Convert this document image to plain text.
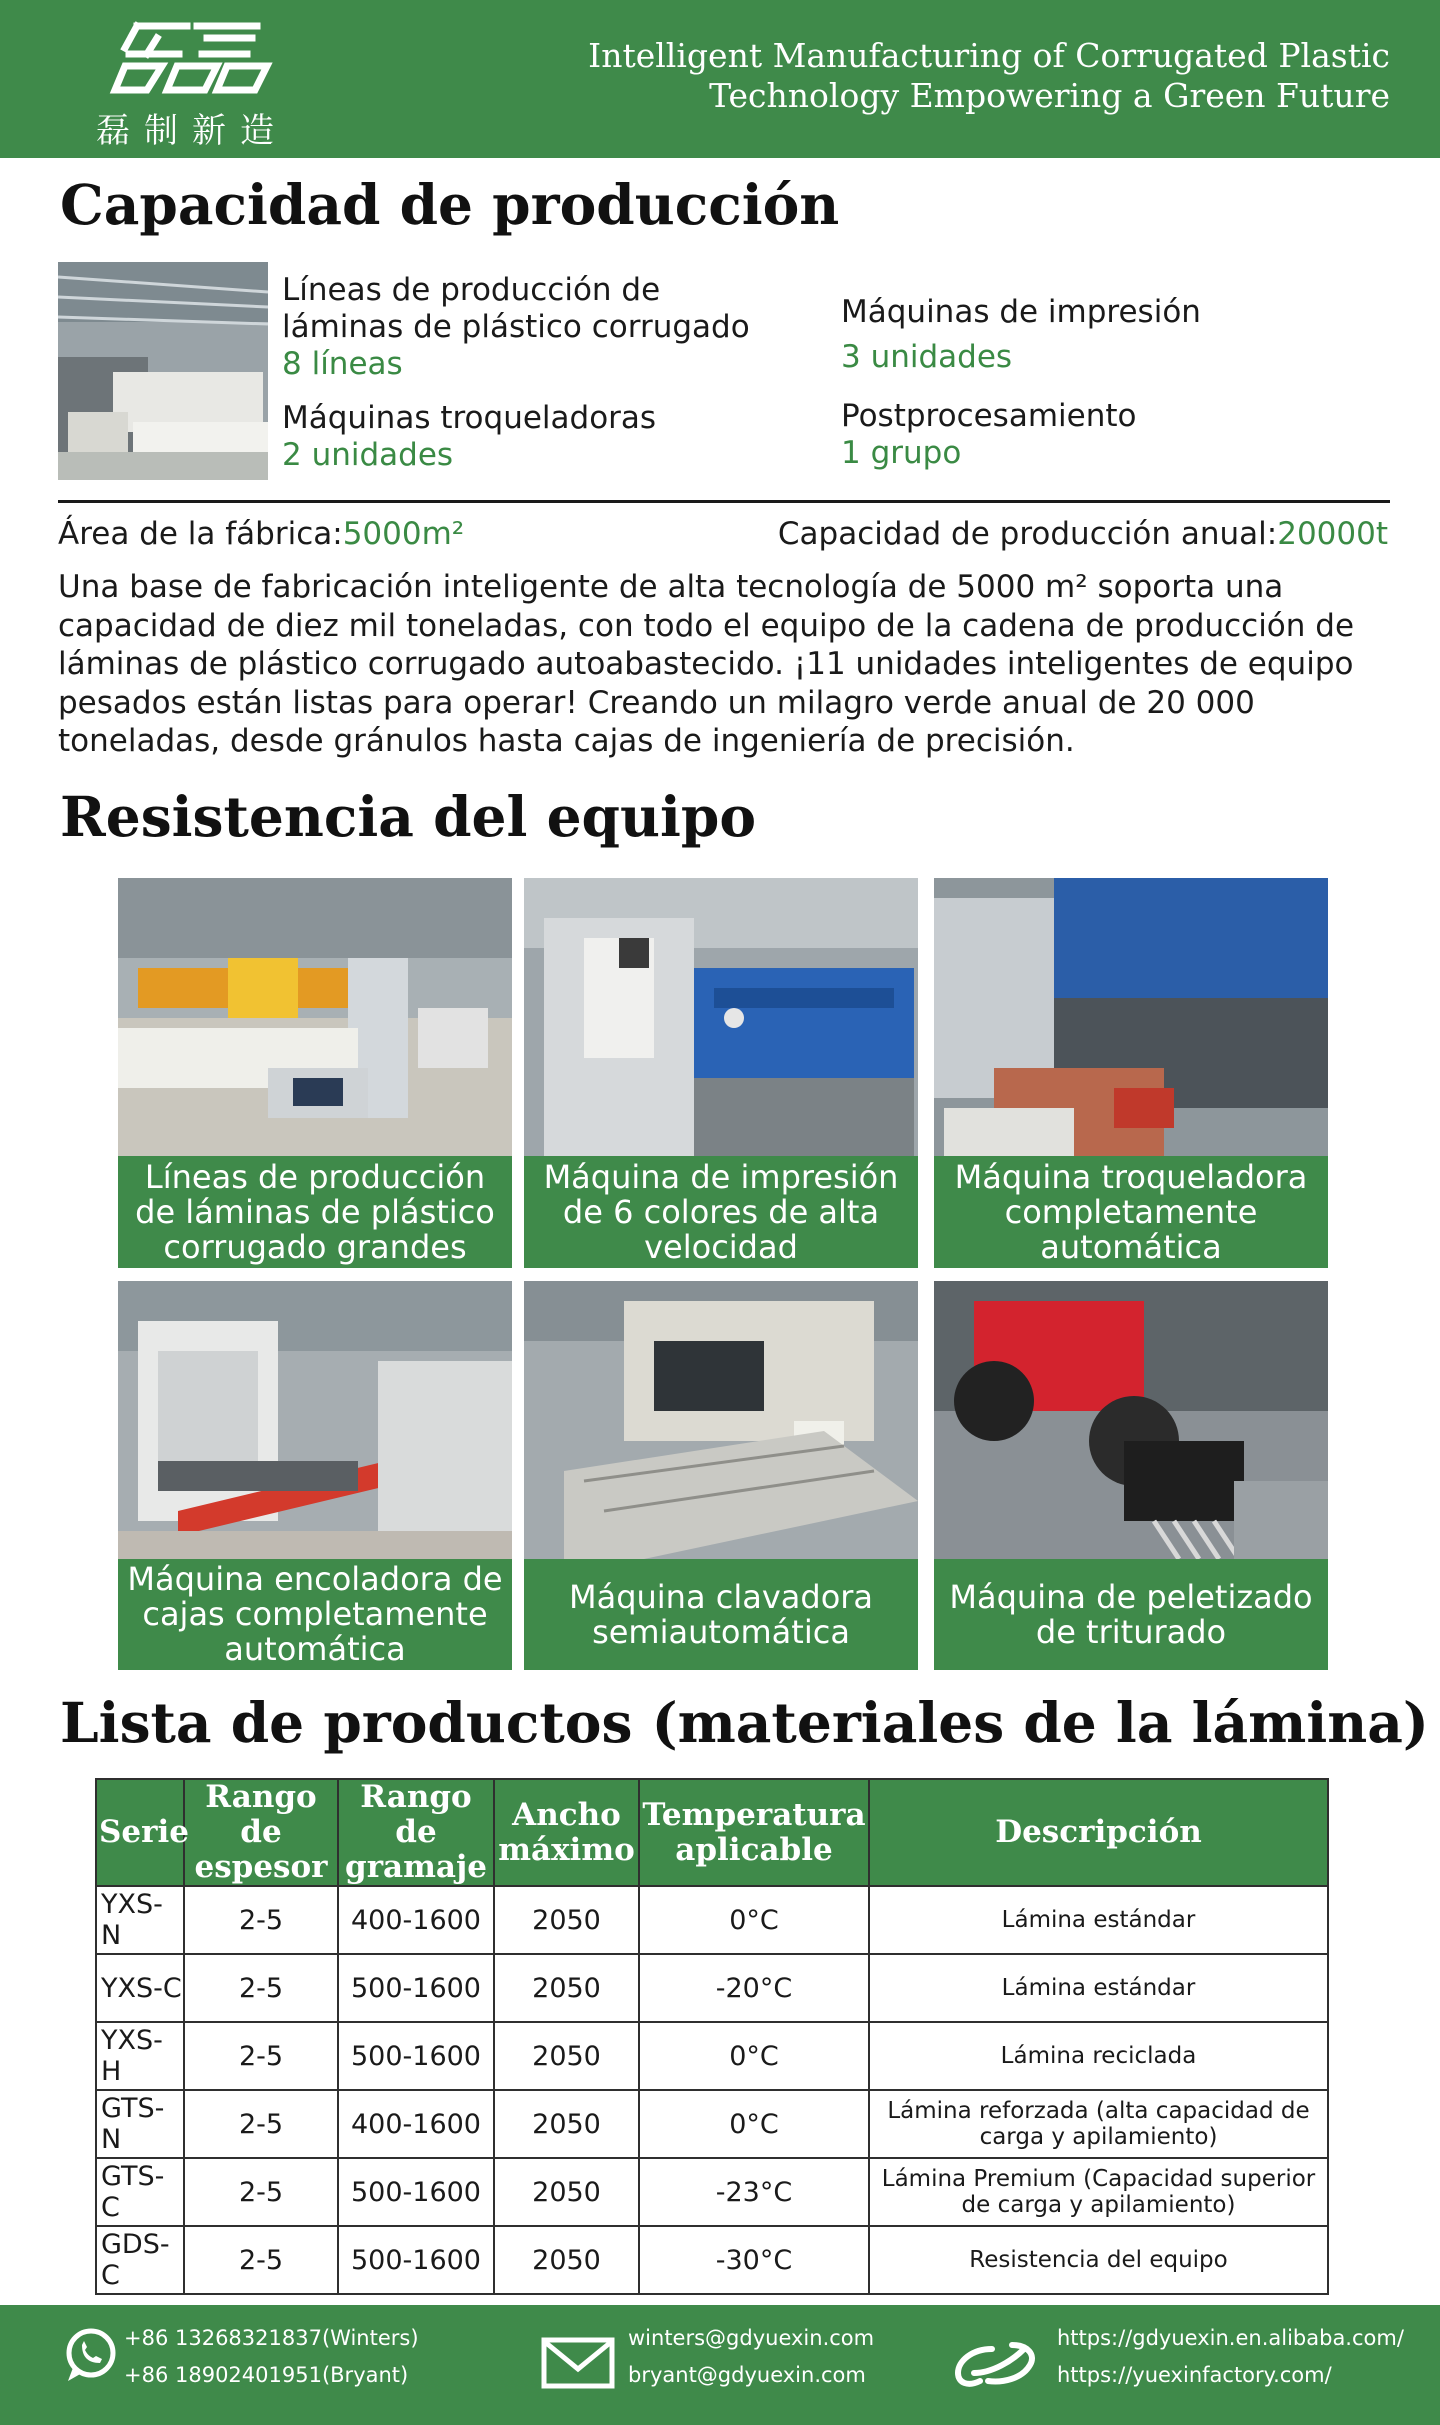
磊制新造
Intelligent Manufacturing of Corrugated Plastic
Technology Empowering a Green Future
Capacidad de producción
Líneas de producción de láminas de plástico corrugado
8 líneas
Máquinas troqueladoras
2 unidades
Máquinas de impresión
3 unidades
Postprocesamiento
1 grupo
Área de la fábrica:5000m²	Capacidad de producción anual:20000t
Una base de fabricación inteligente de alta tecnología de 5000 m² soporta una capacidad de diez mil toneladas, con todo el equipo de la cadena de producción de láminas de plástico corrugado autoabastecido. ¡11 unidades inteligentes de equipo pesados están listas para operar! Creando un milagro verde anual de 20 000 toneladas, desde gránulos hasta cajas de ingeniería de precisión.
Resistencia del equipo
Líneas de producción de láminas de plástico corrugado grandes
Máquina de impresión de 6 colores de alta velocidad
Máquina troqueladora completamente automática
Máquina encoladora de cajas completamente automática
Máquina clavadora semiautomática
Máquina de peletizado de triturado
Lista de productos (materiales de la lámina)
Serie	Rango de espesor	Rango de gramaje	Ancho máximo	Temperatura aplicable	Descripción
YXS-N	2-5	400-1600	2050	0°C	Lámina estándar
YXS-C	2-5	500-1600	2050	-20°C	Lámina estándar
YXS-H	2-5	500-1600	2050	0°C	Lámina reciclada
GTS-N	2-5	400-1600	2050	0°C	Lámina reforzada (alta capacidad de carga y apilamiento)
GTS-C	2-5	500-1600	2050	-23°C	Lámina Premium (Capacidad superior de carga y apilamiento)
GDS-C	2-5	500-1600	2050	-30°C	Resistencia del equipo
+86 13268321837(Winters)
+86 18902401951(Bryant)
winters@gdyuexin.com
bryant@gdyuexin.com
https://gdyuexin.en.alibaba.com/
https://yuexinfactory.com/
